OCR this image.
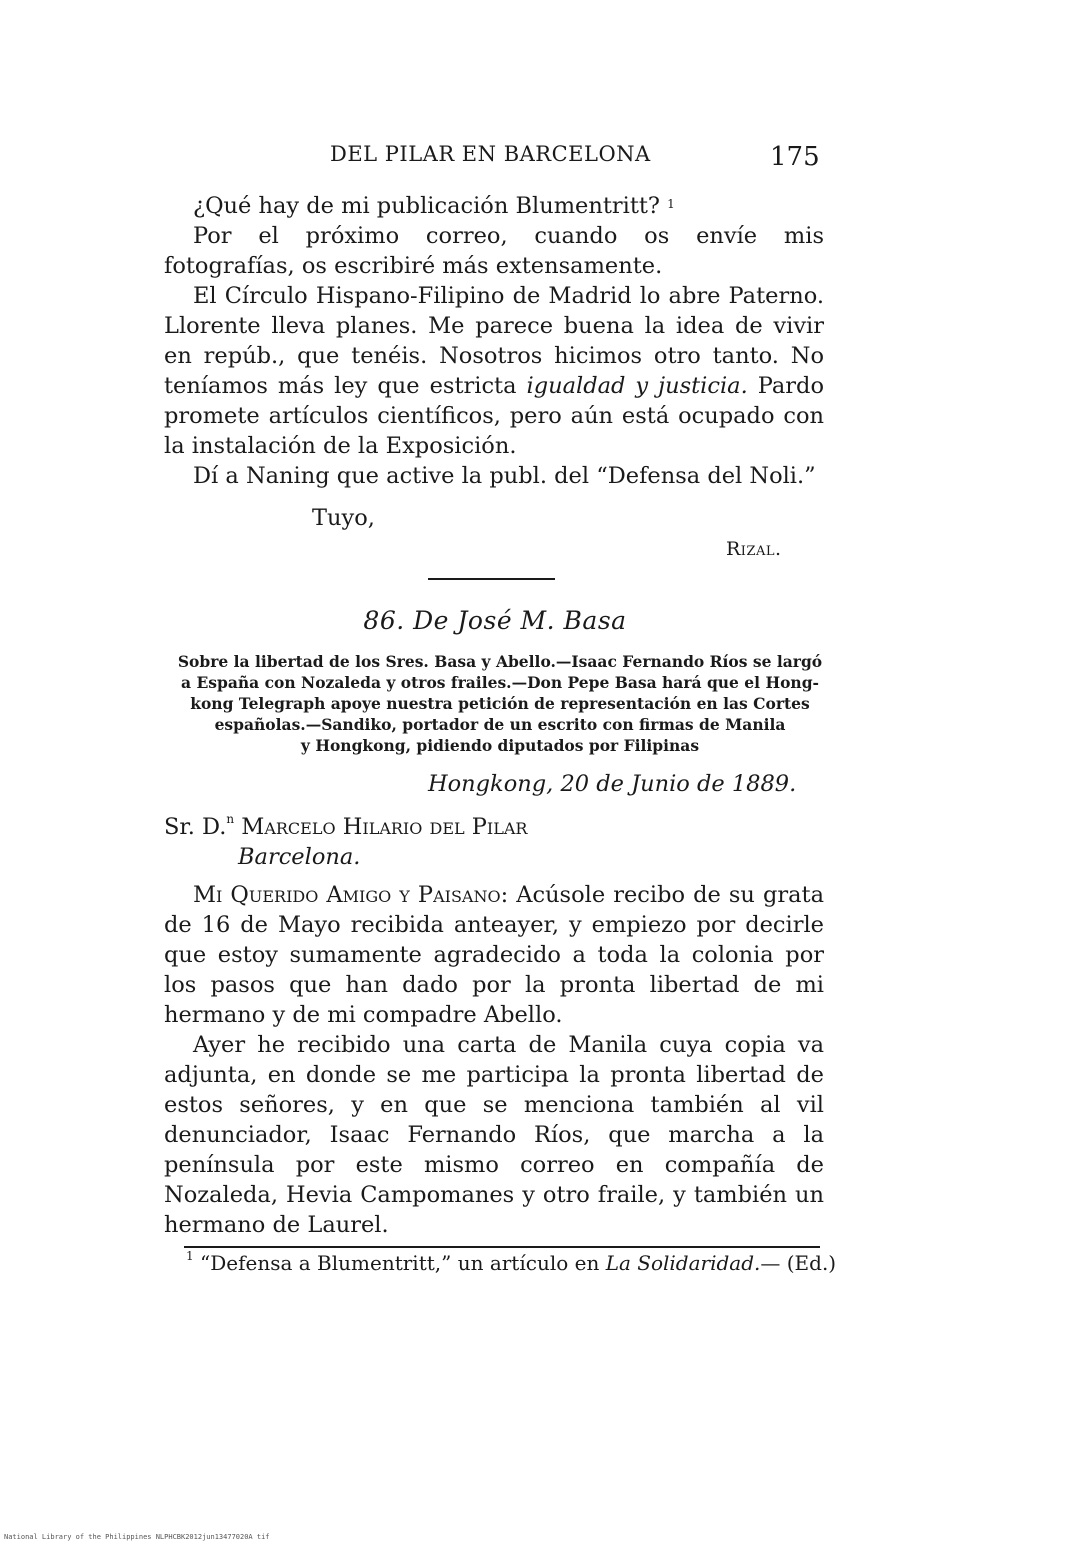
DEL PILAR EN BARCELONA	175

¿Qué hay de mi publicación Blumentritt? $^1$

Por el próximo correo, cuando os envíe mis fotografías, os escribiré más extensamente.

El Círculo Hispano-Filipino de Madrid lo abre Paterno. Llorente lleva planes. Me parece buena la idea de vivir en repúb., que tenéis. Nosotros hicimos otro tanto. No teníamos más ley que estricta igualdad y justicia. Pardo promete artículos científicos, pero aún está ocupado con la instalación de la Exposición.

Dí a Naning que active la publ. del “Defensa del Noli.”

Tuyo,
Rizal.
86. De José M. Basa
Sobre la libertad de los Sres. Basa y Abello.—Isaac Fernando Ríos se largó
a España con Nozaleda y otros frailes.—Don Pepe Basa hará que el Hong-
kong Telegraph apoye nuestra petición de representación en las Cortes
españolas.—Sandiko, portador de un escrito con firmas de Manila
y Hongkong, pidiendo diputados por Filipinas
Hongkong, 20 de Junio de 1889.
Sr. D.$^n$ Marcelo Hilario del Pilar
Barcelona.

Mi Querido Amigo y Paisano: Acúsole recibo de su grata de 16 de Mayo recibida anteayer, y empiezo por decirle que estoy sumamente agradecido a toda la colonia por los pasos que han dado por la pronta libertad de mi hermano y de mi compadre Abello.

Ayer he recibido una carta de Manila cuya copia va adjunta, en donde se me participa la pronta libertad de estos señores, y en que se menciona también al vil denunciador, Isaac Fernando Ríos, que marcha a la península por este mismo correo en compañía de Nozaleda, Hevia Campomanes y otro fraile, y también un hermano de Laurel.

$^1$ “Defensa a Blumentritt,” un artículo en La Solidaridad.— (Ed.)
National Library of the Philippines NLPHCBK2012jun13477020A tif
